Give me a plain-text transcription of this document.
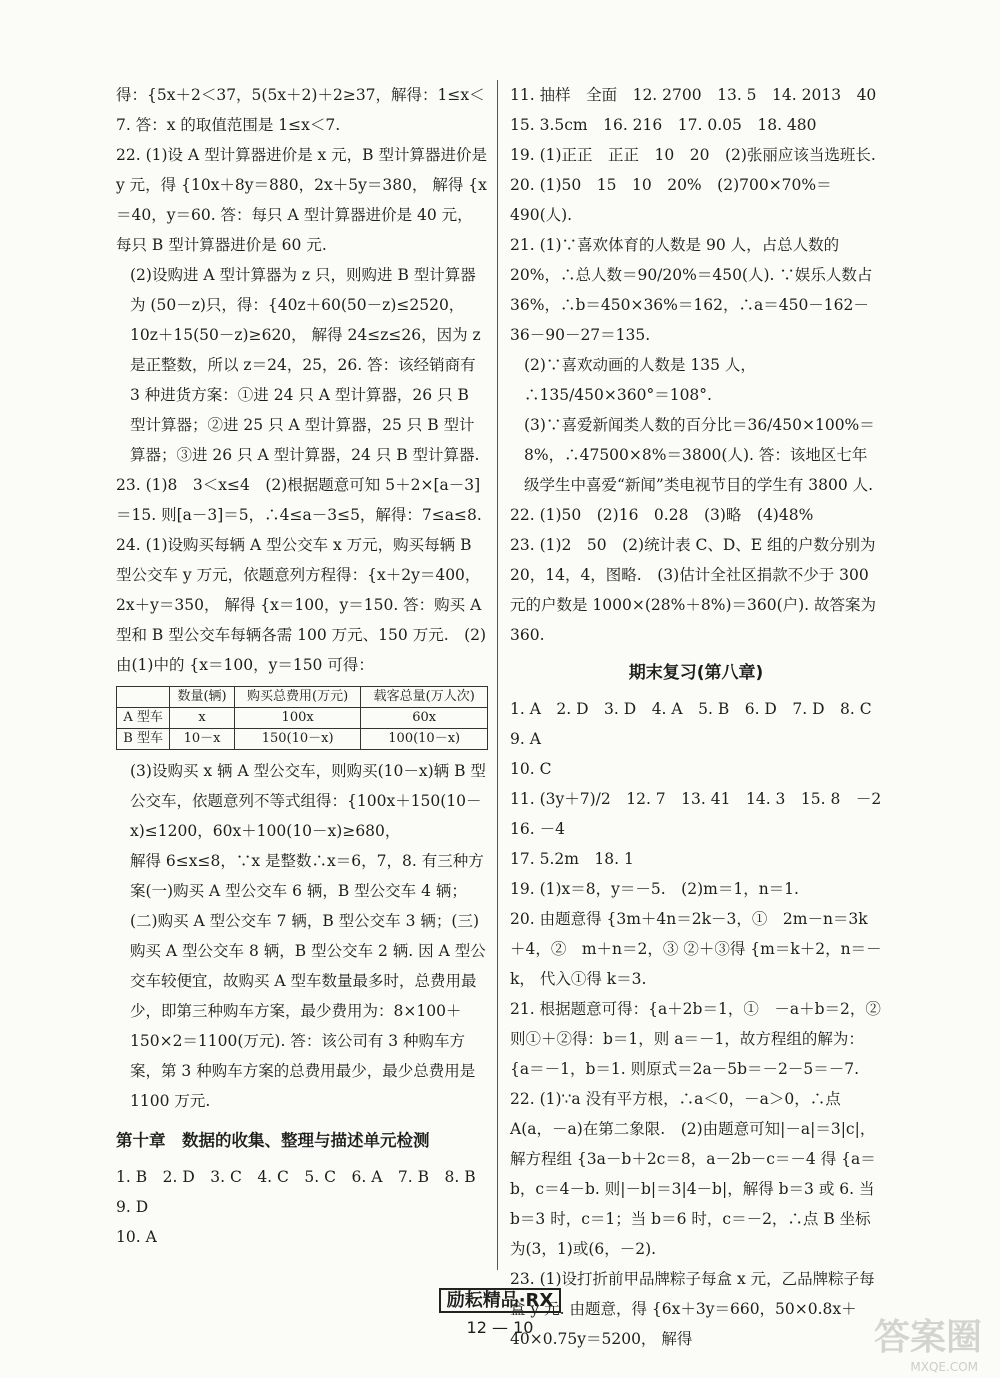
得：{5x＋2＜37，5(5x＋2)＋2≥37，解得：1≤x＜7. 答：x 的取值范围是 1≤x＜7.

22. (1)设 A 型计算器进价是 x 元，B 型计算器进价是 y 元，得 {10x＋8y＝880，2x＋5y＝380， 解得 {x＝40，y＝60. 答：每只 A 型计算器进价是 40 元，每只 B 型计算器进价是 60 元.

(2)设购进 A 型计算器为 z 只，则购进 B 型计算器为 (50－z)只，得：{40z＋60(50－z)≤2520，10z＋15(50－z)≥620， 解得 24≤z≤26，因为 z 是正整数，所以 z＝24，25，26. 答：该经销商有 3 种进货方案：①进 24 只 A 型计算器，26 只 B 型计算器；②进 25 只 A 型计算器，25 只 B 型计算器；③进 26 只 A 型计算器，24 只 B 型计算器.

23. (1)8　3＜x≤4　(2)根据题意可知 5＋2×[a－3]＝15. 则[a－3]＝5，∴4≤a－3≤5，解得：7≤a≤8.

24. (1)设购买每辆 A 型公交车 x 万元，购买每辆 B 型公交车 y 万元，依题意列方程得：{x＋2y＝400，2x＋y＝350， 解得 {x＝100，y＝150. 答：购买 A 型和 B 型公交车每辆各需 100 万元、150 万元.　(2)由(1)中的 {x＝100，y＝150 可得：

	数量(辆)	购买总费用(万元)	载客总量(万人次)
A 型车	x	100x	60x
B 型车	10－x	150(10－x)	100(10－x)

(3)设购买 x 辆 A 型公交车，则购买(10－x)辆 B 型公交车，依题意列不等式组得：{100x＋150(10－x)≤1200，60x＋100(10－x)≥680，

解得 6≤x≤8，∵x 是整数∴x＝6，7，8. 有三种方案(一)购买 A 型公交车 6 辆，B 型公交车 4 辆；(二)购买 A 型公交车 7 辆，B 型公交车 3 辆；(三)购买 A 型公交车 8 辆，B 型公交车 2 辆. 因 A 型公交车较便宜，故购买 A 型车数量最多时，总费用最少，即第三种购车方案，最少费用为：8×100＋150×2＝1100(万元). 答：该公司有 3 种购车方案，第 3 种购车方案的总费用最少，最少总费用是 1100 万元.

第十章　数据的收集、整理与描述单元检测

1. B　2. D　3. C　4. C　5. C　6. A　7. B　8. B　9. D

10. A

11. 抽样　全面　12. 2700　13. 5　14. 2013　40

15. 3.5cm　16. 216　17. 0.05　18. 480

19. (1)正正　正正　10　20　(2)张丽应该当选班长.

20. (1)50　15　10　20%　(2)700×70%＝490(人).

21. (1)∵喜欢体育的人数是 90 人，占总人数的 20%，∴总人数＝90/20%＝450(人). ∵娱乐人数占 36%，∴b＝450×36%＝162，∴a＝450－162－36－90－27＝135.

(2)∵喜欢动画的人数是 135 人，∴135/450×360°＝108°.

(3)∵喜爱新闻类人数的百分比＝36/450×100%＝8%，∴47500×8%＝3800(人). 答：该地区七年级学生中喜爱“新闻”类电视节目的学生有 3800 人.

22. (1)50　(2)16　0.28　(3)略　(4)48%

23. (1)2　50　(2)统计表 C、D、E 组的户数分别为 20，14，4，图略.　(3)估计全社区捐款不少于 300 元的户数是 1000×(28%＋8%)＝360(户). 故答案为 360.

期末复习(第八章)

1. A　2. D　3. D　4. A　5. B　6. D　7. D　8. C　9. A

10. C

11. (3y＋7)/2　12. 7　13. 41　14. 3　15. 8　－2　16. －4

17. 5.2m　18. 1

19. (1)x＝8，y＝－5.　(2)m＝1，n＝1.

20. 由题意得 {3m＋4n＝2k－3，①　2m－n＝3k＋4，②　m＋n＝2，③ ②＋③得 {m＝k＋2，n＝－k， 代入①得 k＝3.

21. 根据题意可得：{a＋2b＝1，①　－a＋b＝2，② 则①＋②得：b＝1，则 a＝－1，故方程组的解为：{a＝－1，b＝1. 则原式＝2a－5b＝－2－5＝－7.

22. (1)∵a 没有平方根，∴a＜0，－a＞0，∴点 A(a，－a)在第二象限.　(2)由题意可知|－a|＝3|c|，解方程组 {3a－b＋2c＝8，a－2b－c＝－4 得 {a＝b，c＝4－b. 则|－b|＝3|4－b|，解得 b＝3 或 6. 当 b＝3 时，c＝1；当 b＝6 时，c＝－2，∴点 B 坐标为(3，1)或(6，－2).

23. (1)设打折前甲品牌粽子每盒 x 元，乙品牌粽子每盒 y 元. 由题意，得 {6x＋3y＝660，50×0.8x＋40×0.75y＝5200， 解得

励耘精品·RX
12 — 10	答案圈
MXQE.COM
